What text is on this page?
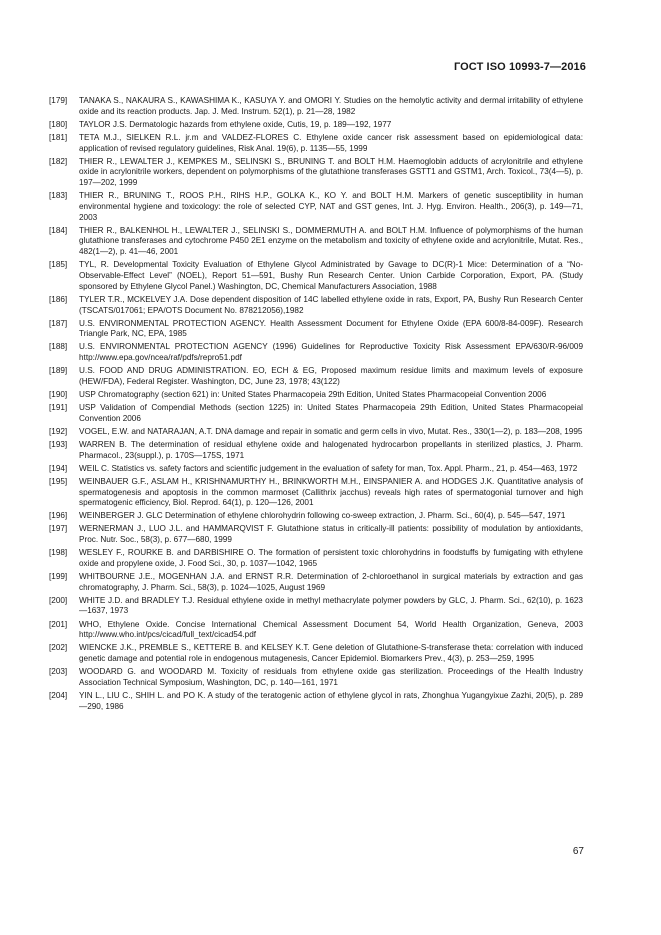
ГОСТ ISO 10993-7—2016
[179] TANAKA S., NAKAURA S., KAWASHIMA K., KASUYA Y. and OMORI Y. Studies on the hemolytic activity and dermal irritability of ethylene oxide and its reaction products. Jap. J. Med. Instrum. 52(1), p. 21—28, 1982
[180] TAYLOR J.S. Dermatologic hazards from ethylene oxide, Cutis, 19, p. 189—192, 1977
[181] TETA M.J., SIELKEN R.L. jr.m and VALDEZ-FLORES C. Ethylene oxide cancer risk assessment based on epidemiological data: application of revised regulatory guidelines, Risk Anal. 19(6), p. 1135—55, 1999
[182] THIER R., LEWALTER J., KEMPKES M., SELINSKI S., BRUNING T. and BOLT H.M. Haemoglobin adducts of acrylonitrile and ethylene oxide in acrylonitrile workers, dependent on polymorphisms of the glutathione transferases GSTT1 and GSTM1, Arch. Toxicol., 73(4—5), p. 197—202, 1999
[183] THIER R., BRUNING T., ROOS P.H., RIHS H.P., GOLKA K., KO Y. and BOLT H.M. Markers of genetic susceptibility in human environmental hygiene and toxicology: the role of selected CYP, NAT and GST genes, Int. J. Hyg. Environ. Health., 206(3), p. 149—71, 2003
[184] THIER R., BALKENHOL H., LEWALTER J., SELINSKI S., DOMMERMUTH A. and BOLT H.M. Influence of polymorphisms of the human glutathione transferases and cytochrome P450 2E1 enzyme on the metabolism and toxicity of ethylene oxide and acrylonitrile, Mutat. Res., 482(1—2), p. 41—46, 2001
[185] TYL, R. Developmental Toxicity Evaluation of Ethylene Glycol Administrated by Gavage to DC(R)-1 Mice: Determination of a “No-Observable-Effect Level” (NOEL), Report 51—591, Bushy Run Research Center. Union Carbide Corporation, Export, PA. (Study sponsored by Ethylene Glycol Panel.) Washington, DC, Chemical Manufacturers Association, 1988
[186] TYLER T.R., MCKELVEY J.A. Dose dependent disposition of 14C labelled ethylene oxide in rats, Export, PA, Bushy Run Research Center (TSCATS/017061; EPA/OTS Document No. 878212056),1982
[187] U.S. ENVIRONMENTAL PROTECTION AGENCY. Health Assessment Document for Ethylene Oxide (EPA 600/8-84-009F). Research Triangle Park, NC, EPA, 1985
[188] U.S. ENVIRONMENTAL PROTECTION AGENCY (1996) Guidelines for Reproductive Toxicity Risk Assessment EPA/630/R-96/009 http://www.epa.gov/ncea/raf/pdfs/repro51.pdf
[189] U.S. FOOD AND DRUG ADMINISTRATION. EO, ECH & EG, Proposed maximum residue limits and maximum levels of exposure (HEW/FDA), Federal Register. Washington, DC, June 23, 1978; 43(122)
[190] USP Chromatography (section 621) in: United States Pharmacopeia 29th Edition, United States Pharmacopeial Convention 2006
[191] USP Validation of Compendial Methods (section 1225) in: United States Pharmacopeia 29th Edition, United States Pharmacopeial Convention 2006
[192] VOGEL, E.W. and NATARAJAN, A.T. DNA damage and repair in somatic and germ cells in vivo, Mutat. Res., 330(1—2), p. 183—208, 1995
[193] WARREN B. The determination of residual ethylene oxide and halogenated hydrocarbon propellants in sterilized plastics, J. Pharm. Pharmacol., 23(suppl.), p. 170S—175S, 1971
[194] WEIL C. Statistics vs. safety factors and scientific judgement in the evaluation of safety for man, Tox. Appl. Pharm., 21, p. 454—463, 1972
[195] WEINBAUER G.F., ASLAM H., KRISHNAMURTHY H., BRINKWORTH M.H., EINSPANIER A. and HODGES J.K. Quantitative analysis of spermatogenesis and apoptosis in the common marmoset (Callithrix jacchus) reveals high rates of spermatogonial turnover and high spermatogenic efficiency, Biol. Reprod. 64(1), p. 120—126, 2001
[196] WEINBERGER J. GLC Determination of ethylene chlorohydrin following co-sweep extraction, J. Pharm. Sci., 60(4), p. 545—547, 1971
[197] WERNERMAN J., LUO J.L. and HAMMARQVIST F. Glutathione status in critically-ill patients: possibility of modulation by antioxidants, Proc. Nutr. Soc., 58(3), p. 677—680, 1999
[198] WESLEY F., ROURKE B. and DARBISHIRE O. The formation of persistent toxic chlorohydrins in foodstuffs by fumigating with ethylene oxide and propylene oxide, J. Food Sci., 30, p. 1037—1042, 1965
[199] WHITBOURNE J.E., MOGENHAN J.A. and ERNST R.R. Determination of 2-chloroethanol in surgical materials by extraction and gas chromatography, J. Pharm. Sci., 58(3), p. 1024—1025, August 1969
[200] WHITE J.D. and BRADLEY T.J. Residual ethylene oxide in methyl methacrylate polymer powders by GLC, J. Pharm. Sci., 62(10), p. 1623—1637, 1973
[201] WHO, Ethylene Oxide. Concise International Chemical Assessment Document 54, World Health Organization, Geneva, 2003 http://www.who.int/pcs/cicad/full_text/cicad54.pdf
[202] WIENCKE J.K., PREMBLE S., KETTERE B. and KELSEY K.T. Gene deletion of Glutathione-S-transferase theta: correlation with induced genetic damage and potential role in endogenous mutagenesis, Cancer Epidemiol. Biomarkers Prev., 4(3), p. 253—259, 1995
[203] WOODARD G. and WOODARD M. Toxicity of residuals from ethylene oxide gas sterilization. Proceedings of the Health Industry Association Technical Symposium, Washington, DC, p. 140—161, 1971
[204] YIN L., LIU C., SHIH L. and PO K. A study of the teratogenic action of ethylene glycol in rats, Zhonghua Yugangyixue Zazhi, 20(5), p. 289—290, 1986
67
